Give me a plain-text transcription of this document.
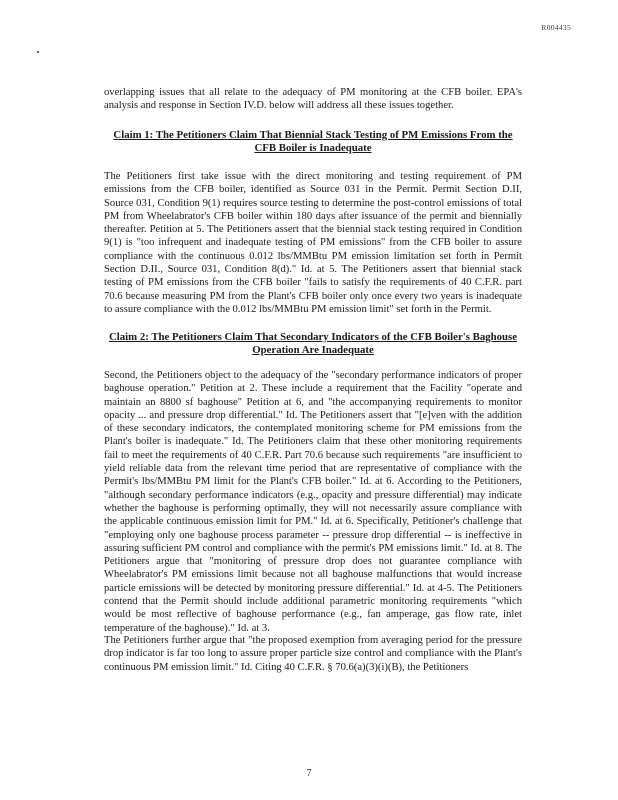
R004435

overlapping issues that all relate to the adequacy of PM monitoring at the CFB boiler. EPA's analysis and response in Section IV.D. below will address all these issues together.

Claim 1: The Petitioners Claim That Biennial Stack Testing of PM Emissions From the CFB Boiler is Inadequate

The Petitioners first take issue with the direct monitoring and testing requirement of PM emissions from the CFB boiler, identified as Source 031 in the Permit. Permit Section D.II, Source 031, Condition 9(1) requires source testing to determine the post-control emissions of total PM from Wheelabrator's CFB boiler within 180 days after issuance of the permit and biennially thereafter. Petition at 5. The Petitioners assert that the biennial stack testing required in Condition 9(1) is "too infrequent and inadequate testing of PM emissions" from the CFB boiler to assure compliance with the continuous 0.012 lbs/MMBtu PM emission limitation set forth in Permit Section D.II., Source 031, Condition 8(d)." Id. at 5. The Petitioners assert that biennial stack testing of PM emissions from the CFB boiler "fails to satisfy the requirements of 40 C.F.R. part 70.6 because measuring PM from the Plant's CFB boiler only once every two years is inadequate to assure compliance with the 0.012 lbs/MMBtu PM emission limit" set forth in the Permit.

Claim 2: The Petitioners Claim That Secondary Indicators of the CFB Boiler's Baghouse Operation Are Inadequate

Second, the Petitioners object to the adequacy of the "secondary performance indicators of proper baghouse operation." Petition at 2. These include a requirement that the Facility "operate and maintain an 8800 sf baghouse" Petition at 6, and "the accompanying requirements to monitor opacity ... and pressure drop differential." Id. The Petitioners assert that "[e]ven with the addition of these secondary indicators, the contemplated monitoring scheme for PM emissions from the Plant's boiler is inadequate." Id. The Petitioners claim that these other monitoring requirements fail to meet the requirements of 40 C.F.R. Part 70.6 because such requirements "are insufficient to yield reliable data from the relevant time period that are representative of compliance with the Permit's lbs/MMBtu PM limit for the Plant's CFB boiler." Id. at 6. According to the Petitioners, "although secondary performance indicators (e.g., opacity and pressure differential) may indicate whether the baghouse is performing optimally, they will not necessarily assure compliance with the applicable continuous emission limit for PM." Id. at 6. Specifically, Petitioner's challenge that "employing only one baghouse process parameter -- pressure drop differential -- is ineffective in assuring sufficient PM control and compliance with the permit's PM emissions limit." Id. at 8. The Petitioners argue that "monitoring of pressure drop does not guarantee compliance with Wheelabrator's PM emissions limit because not all baghouse malfunctions that would increase particle emissions will be detected by monitoring pressure differential." Id. at 4-5. The Petitioners contend that the Permit should include additional parametric monitoring requirements "which would be most reflective of baghouse performance (e.g., fan amperage, gas flow rate, inlet temperature of the baghouse)." Id. at 3.

The Petitioners further argue that "the proposed exemption from averaging period for the pressure drop indicator is far too long to assure proper particle size control and compliance with the Plant's continuous PM emission limit." Id. Citing 40 C.F.R. § 70.6(a)(3)(i)(B), the Petitioners

7
